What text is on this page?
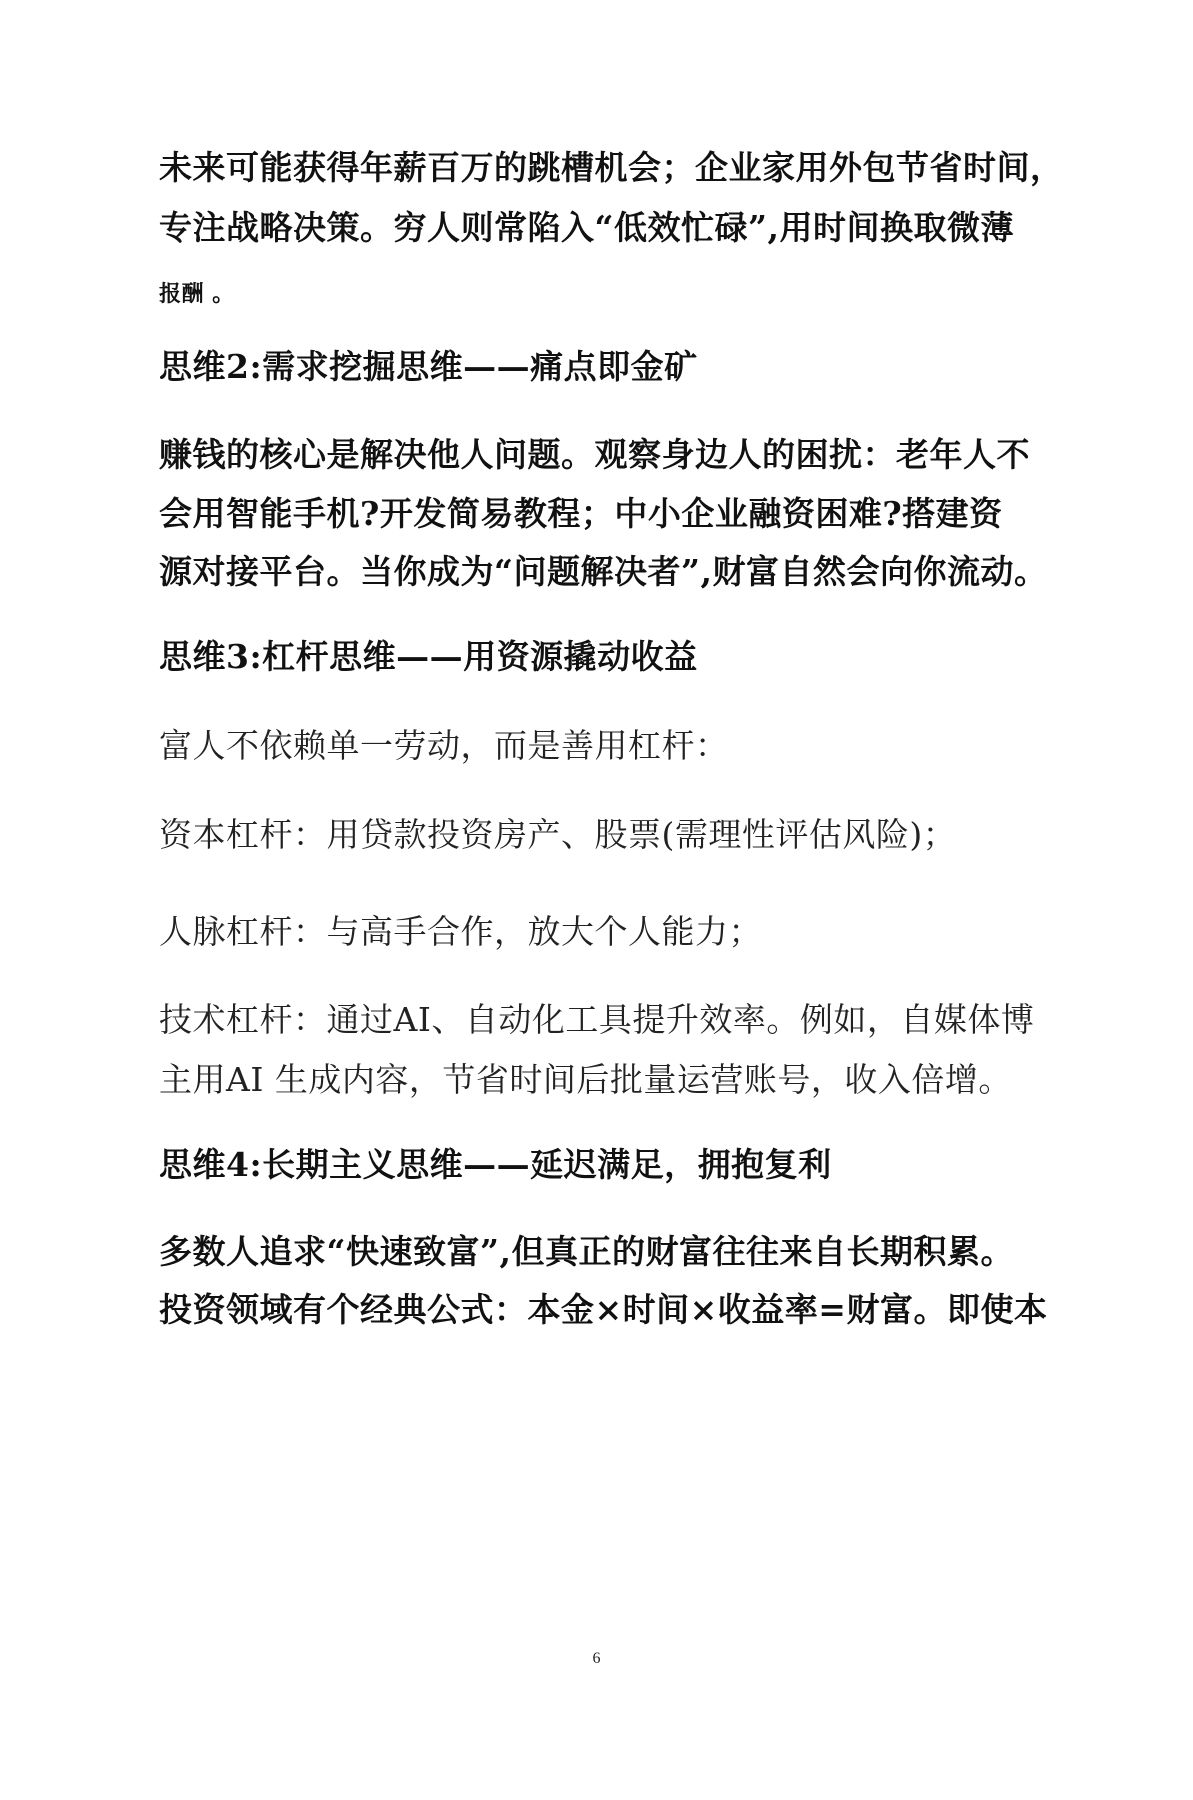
未来可能获得年薪百万的跳槽机会；企业家用外包节省时间，
专注战略决策。穷人则常陷入“低效忙碌”,用时间换取微薄
报酬 。
思维2:需求挖掘思维——痛点即金矿
赚钱的核心是解决他人问题。观察身边人的困扰：老年人不
会用智能手机?开发简易教程；中小企业融资困难?搭建资
源对接平台。当你成为“问题解决者”,财富自然会向你流动。
思维3:杠杆思维——用资源撬动收益
富人不依赖单一劳动，而是善用杠杆：
资本杠杆：用贷款投资房产、股票(需理性评估风险)；
人脉杠杆：与高手合作，放大个人能力；
技术杠杆：通过AI、自动化工具提升效率。例如，自媒体博
主用AI 生成内容，节省时间后批量运营账号，收入倍增。
思维4:长期主义思维——延迟满足，拥抱复利
多数人追求“快速致富”,但真正的财富往往来自长期积累。
投资领域有个经典公式：本金×时间×收益率=财富。即使本
6
